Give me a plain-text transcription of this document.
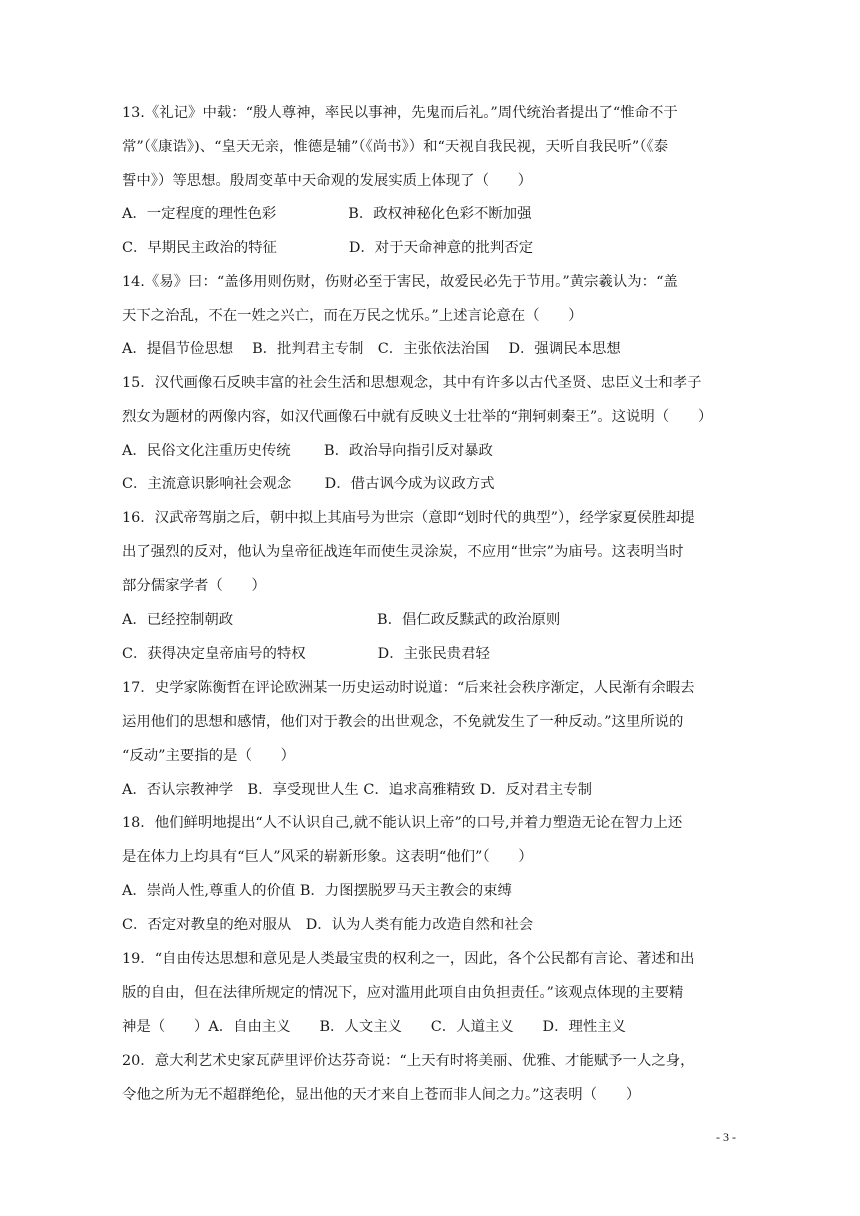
13.《礼记》中载：“殷人尊神，率民以事神，先鬼而后礼。”周代统治者提出了“惟命不于
常”（《康诰》)、“皇天无亲，惟德是辅”（《尚书》）和“天视自我民视，天听自我民听”（《泰
誓中》）等思想。殷周变革中天命观的发展实质上体现了（　　）
A．一定程度的理性色彩　　　　　B．政权神秘化色彩不断加强
C．早期民主政治的特征　　　　　D．对于天命神意的批判否定
14.《易》曰：“盖侈用则伤财，伤财必至于害民，故爱民必先于节用。”黄宗羲认为：“盖
天下之治乱，不在一姓之兴亡，而在万民之忧乐。”上述言论意在（　　）
A．提倡节俭思想　 B．批判君主专制　C．主张依法治国　 D．强调民本思想
15．汉代画像石反映丰富的社会生活和思想观念，其中有许多以古代圣贤、忠臣义士和孝子
烈女为题材的两像内容，如汉代画像石中就有反映义士壮举的“荆轲刺秦王”。这说明（　　）
A．民俗文化注重历史传统　　 B．政治导向指引反对暴政
C．主流意识影响社会观念　　 D．借古讽今成为议政方式
16．汉武帝驾崩之后，朝中拟上其庙号为世宗（意即“划时代的典型”），经学家夏侯胜却提
出了强烈的反对，他认为皇帝征战连年而使生灵涂炭，不应用“世宗”为庙号。这表明当时
部分儒家学者（　　）
A．已经控制朝政　　　　　　　　　　B．倡仁政反黩武的政治原则
C．获得决定皇帝庙号的特权　　　　　D．主张民贵君轻
17．史学家陈衡哲在评论欧洲某一历史运动时说道：“后来社会秩序渐定，人民渐有余暇去
运用他们的思想和感情，他们对于教会的出世观念，不免就发生了一种反动。”这里所说的
“反动”主要指的是（　　）
A．否认宗教神学　B．享受现世人生 C．追求高雅精致 D．反对君主专制
18．他们鲜明地提出“人不认识自己,就不能认识上帝”的口号,并着力塑造无论在智力上还
是在体力上均具有“巨人”风采的崭新形象。这表明“他们”（　　）
A．崇尚人性,尊重人的价值 B．力图摆脱罗马天主教会的束缚
C．否定对教皇的绝对服从　D．认为人类有能力改造自然和社会
19．“自由传达思想和意见是人类最宝贵的权利之一，因此，各个公民都有言论、著述和出
版的自由，但在法律所规定的情况下，应对滥用此项自由负担责任。”该观点体现的主要精
神是（　　）A．自由主义　　B．人文主义　　C．人道主义　　D．理性主义
20．意大利艺术史家瓦萨里评价达芬奇说：“上天有时将美丽、优雅、才能赋予一人之身，
令他之所为无不超群绝伦，显出他的天才来自上苍而非人间之力。”这表明（　　）
- 3 -
